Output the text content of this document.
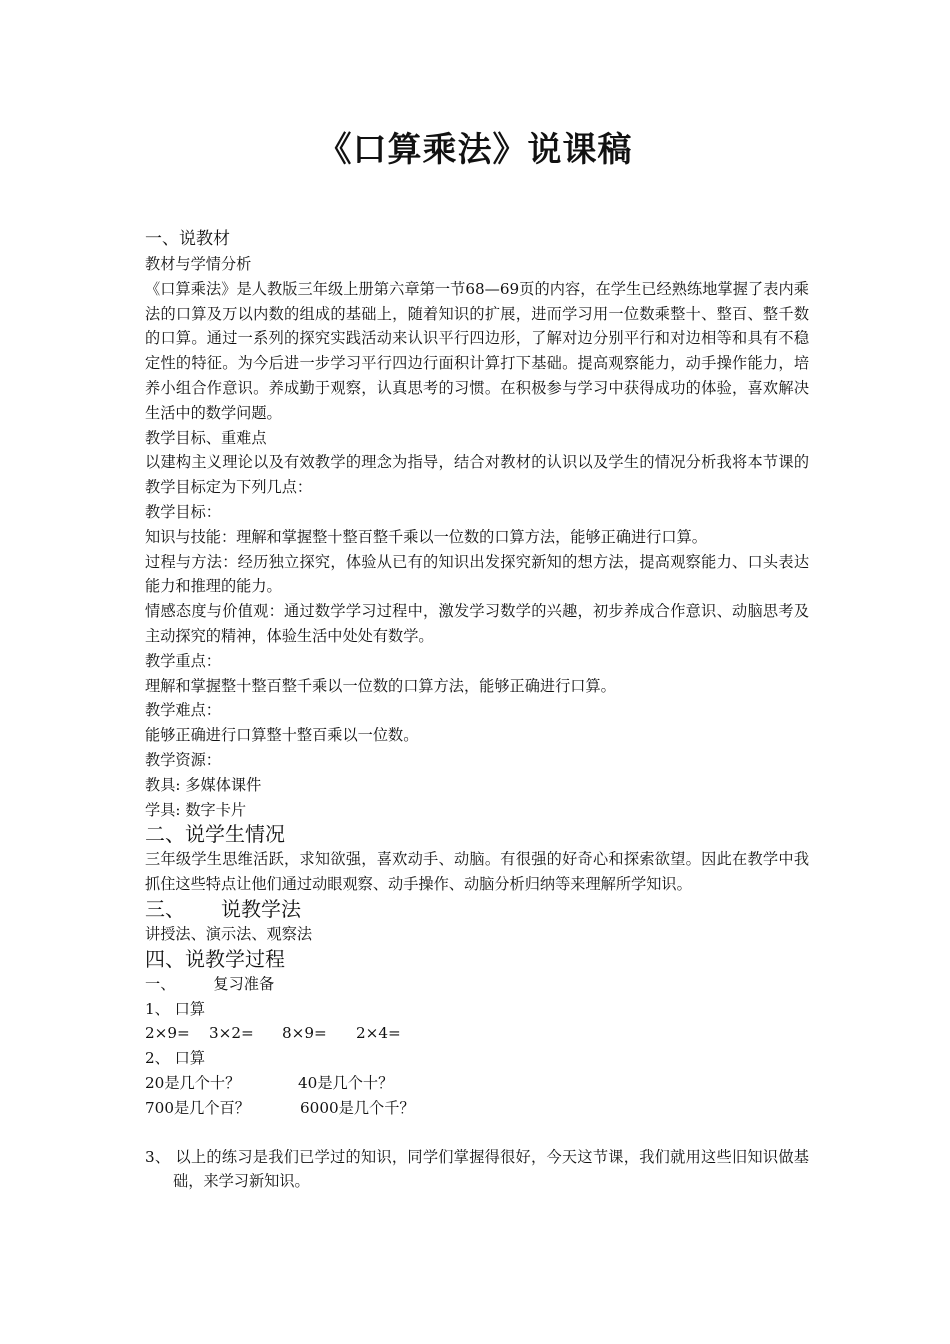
《口算乘法》说课稿

一、说教材

教材与学情分析

《口算乘法》是人教版三年级上册第六章第一节68—69页的内容，在学生已经熟练地掌握了表内乘法的口算及万以内数的组成的基础上，随着知识的扩展，进而学习用一位数乘整十、整百、整千数的口算。通过一系列的探究实践活动来认识平行四边形，了解对边分别平行和对边相等和具有不稳定性的特征。为今后进一步学习平行四边行面积计算打下基础。提高观察能力，动手操作能力，培养小组合作意识。养成勤于观察，认真思考的习惯。在积极参与学习中获得成功的体验，喜欢解决生活中的数学问题。

教学目标、重难点

以建构主义理论以及有效教学的理念为指导，结合对教材的认识以及学生的情况分析我将本节课的教学目标定为下列几点：

教学目标：

知识与技能：理解和掌握整十整百整千乘以一位数的口算方法，能够正确进行口算。

过程与方法：经历独立探究，体验从已有的知识出发探究新知的想方法，提高观察能力、口头表达能力和推理的能力。

情感态度与价值观：通过数学学习过程中，激发学习数学的兴趣，初步养成合作意识、动脑思考及主动探究的精神，体验生活中处处有数学。

教学重点：

理解和掌握整十整百整千乘以一位数的口算方法，能够正确进行口算。

教学难点：

能够正确进行口算整十整百乘以一位数。

教学资源：

教具: 多媒体课件

学具: 数字卡片

二、说学生情况

三年级学生思维活跃，求知欲强，喜欢动手、动脑。有很强的好奇心和探索欲望。因此在教学中我抓住这些特点让他们通过动眼观察、动手操作、动脑分析归纳等来理解所学知识。

三、 说教学法

讲授法、演示法、观察法

四、说教学过程

一、	复习准备

1、 口算

2×9= 3×2= 8×9= 2×4=

2、 口算

20是几个十？	40是几个十？

700是几个百？	6000是几个千？

3、 以上的练习是我们已学过的知识，同学们掌握得很好，今天这节课，我们就用这些旧知识做基础，来学习新知识。
